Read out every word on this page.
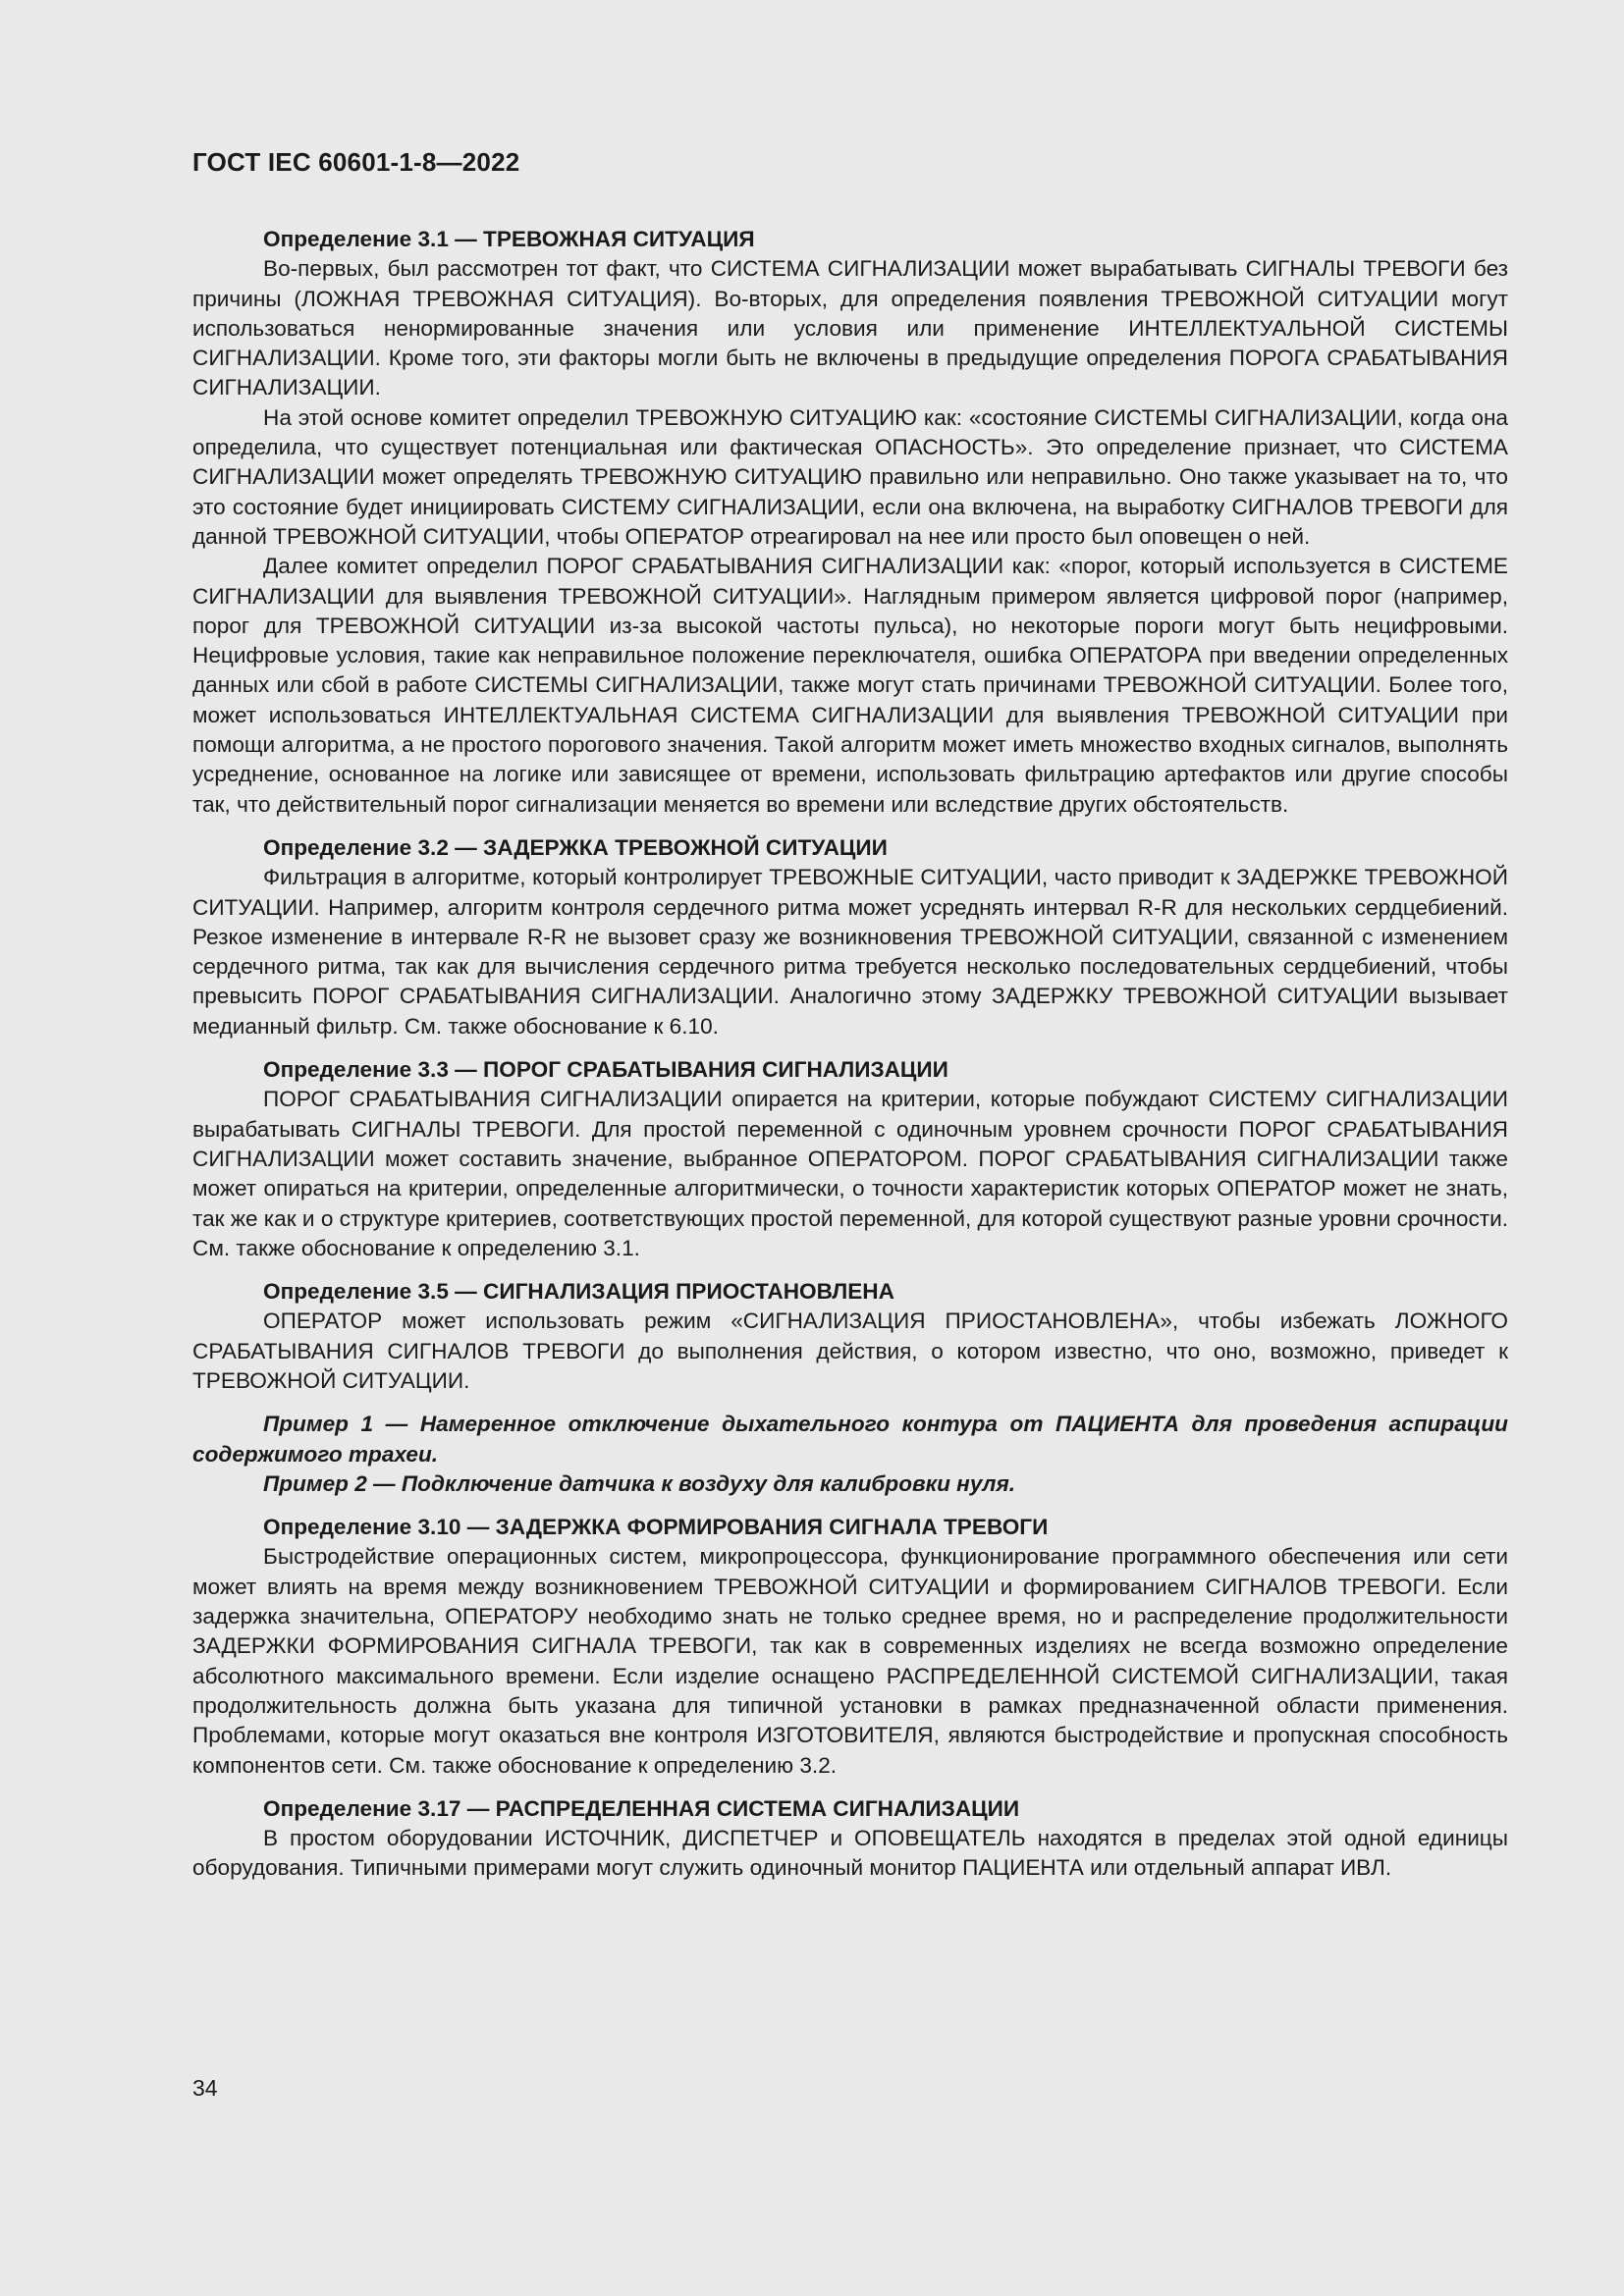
ГОСТ IEC 60601-1-8—2022

Определение 3.1 — ТРЕВОЖНАЯ СИТУАЦИЯ

Во-первых, был рассмотрен тот факт, что СИСТЕМА СИГНАЛИЗАЦИИ может вырабатывать СИГНАЛЫ ТРЕВОГИ без причины (ЛОЖНАЯ ТРЕВОЖНАЯ СИТУАЦИЯ). Во-вторых, для определения появления ТРЕВОЖНОЙ СИТУАЦИИ могут использоваться ненормированные значения или условия или применение ИНТЕЛЛЕКТУАЛЬНОЙ СИСТЕМЫ СИГНАЛИЗАЦИИ. Кроме того, эти факторы могли быть не включены в предыдущие определения ПОРОГА СРАБАТЫВАНИЯ СИГНАЛИЗАЦИИ.

На этой основе комитет определил ТРЕВОЖНУЮ СИТУАЦИЮ как: «состояние СИСТЕМЫ СИГНАЛИЗАЦИИ, когда она определила, что существует потенциальная или фактическая ОПАСНОСТЬ». Это определение признает, что СИСТЕМА СИГНАЛИЗАЦИИ может определять ТРЕВОЖНУЮ СИТУАЦИЮ правильно или неправильно. Оно также указывает на то, что это состояние будет инициировать СИСТЕМУ СИГНАЛИЗАЦИИ, если она включена, на выработку СИГНАЛОВ ТРЕВОГИ для данной ТРЕВОЖНОЙ СИТУАЦИИ, чтобы ОПЕРАТОР отреагировал на нее или просто был оповещен о ней.

Далее комитет определил ПОРОГ СРАБАТЫВАНИЯ СИГНАЛИЗАЦИИ как: «порог, который используется в СИСТЕМЕ СИГНАЛИЗАЦИИ для выявления ТРЕВОЖНОЙ СИТУАЦИИ». Наглядным примером является цифровой порог (например, порог для ТРЕВОЖНОЙ СИТУАЦИИ из-за высокой частоты пульса), но некоторые пороги могут быть нецифровыми. Нецифровые условия, такие как неправильное положение переключателя, ошибка ОПЕРАТОРА при введении определенных данных или сбой в работе СИСТЕМЫ СИГНАЛИЗАЦИИ, также могут стать причинами ТРЕВОЖНОЙ СИТУАЦИИ. Более того, может использоваться ИНТЕЛЛЕКТУАЛЬНАЯ СИСТЕМА СИГНАЛИЗАЦИИ для выявления ТРЕВОЖНОЙ СИТУАЦИИ при помощи алгоритма, а не простого порогового значения. Такой алгоритм может иметь множество входных сигналов, выполнять усреднение, основанное на логике или зависящее от времени, использовать фильтрацию артефактов или другие способы так, что действительный порог сигнализации меняется во времени или вследствие других обстоятельств.

Определение 3.2 — ЗАДЕРЖКА ТРЕВОЖНОЙ СИТУАЦИИ

Фильтрация в алгоритме, который контролирует ТРЕВОЖНЫЕ СИТУАЦИИ, часто приводит к ЗАДЕРЖКЕ ТРЕВОЖНОЙ СИТУАЦИИ. Например, алгоритм контроля сердечного ритма может усреднять интервал R-R для нескольких сердцебиений. Резкое изменение в интервале R-R не вызовет сразу же возникновения ТРЕВОЖНОЙ СИТУАЦИИ, связанной с изменением сердечного ритма, так как для вычисления сердечного ритма требуется несколько последовательных сердцебиений, чтобы превысить ПОРОГ СРАБАТЫВАНИЯ СИГНАЛИЗАЦИИ. Аналогично этому ЗАДЕРЖКУ ТРЕВОЖНОЙ СИТУАЦИИ вызывает медианный фильтр. См. также обоснование к 6.10.

Определение 3.3 — ПОРОГ СРАБАТЫВАНИЯ СИГНАЛИЗАЦИИ

ПОРОГ СРАБАТЫВАНИЯ СИГНАЛИЗАЦИИ опирается на критерии, которые побуждают СИСТЕМУ СИГНАЛИЗАЦИИ вырабатывать СИГНАЛЫ ТРЕВОГИ. Для простой переменной с одиночным уровнем срочности ПОРОГ СРАБАТЫВАНИЯ СИГНАЛИЗАЦИИ может составить значение, выбранное ОПЕРАТОРОМ. ПОРОГ СРАБАТЫВАНИЯ СИГНАЛИЗАЦИИ также может опираться на критерии, определенные алгоритмически, о точности характеристик которых ОПЕРАТОР может не знать, так же как и о структуре критериев, соответствующих простой переменной, для которой существуют разные уровни срочности. См. также обоснование к определению 3.1.

Определение 3.5 — СИГНАЛИЗАЦИЯ ПРИОСТАНОВЛЕНА

ОПЕРАТОР может использовать режим «СИГНАЛИЗАЦИЯ ПРИОСТАНОВЛЕНА», чтобы избежать ЛОЖНОГО СРАБАТЫВАНИЯ СИГНАЛОВ ТРЕВОГИ до выполнения действия, о котором известно, что оно, возможно, приведет к ТРЕВОЖНОЙ СИТУАЦИИ.

Пример 1 — Намеренное отключение дыхательного контура от ПАЦИЕНТА для проведения аспирации содержимого трахеи.

Пример 2 — Подключение датчика к воздуху для калибровки нуля.

Определение 3.10 — ЗАДЕРЖКА ФОРМИРОВАНИЯ СИГНАЛА ТРЕВОГИ

Быстродействие операционных систем, микропроцессора, функционирование программного обеспечения или сети может влиять на время между возникновением ТРЕВОЖНОЙ СИТУАЦИИ и формированием СИГНАЛОВ ТРЕВОГИ. Если задержка значительна, ОПЕРАТОРУ необходимо знать не только среднее время, но и распределение продолжительности ЗАДЕРЖКИ ФОРМИРОВАНИЯ СИГНАЛА ТРЕВОГИ, так как в современных изделиях не всегда возможно определение абсолютного максимального времени. Если изделие оснащено РАСПРЕДЕЛЕННОЙ СИСТЕМОЙ СИГНАЛИЗАЦИИ, такая продолжительность должна быть указана для типичной установки в рамках предназначенной области применения. Проблемами, которые могут оказаться вне контроля ИЗГОТОВИТЕЛЯ, являются быстродействие и пропускная способность компонентов сети. См. также обоснование к определению 3.2.

Определение 3.17 — РАСПРЕДЕЛЕННАЯ СИСТЕМА СИГНАЛИЗАЦИИ

В простом оборудовании ИСТОЧНИК, ДИСПЕТЧЕР и ОПОВЕЩАТЕЛЬ находятся в пределах этой одной единицы оборудования. Типичными примерами могут служить одиночный монитор ПАЦИЕНТА или отдельный аппарат ИВЛ.

34
